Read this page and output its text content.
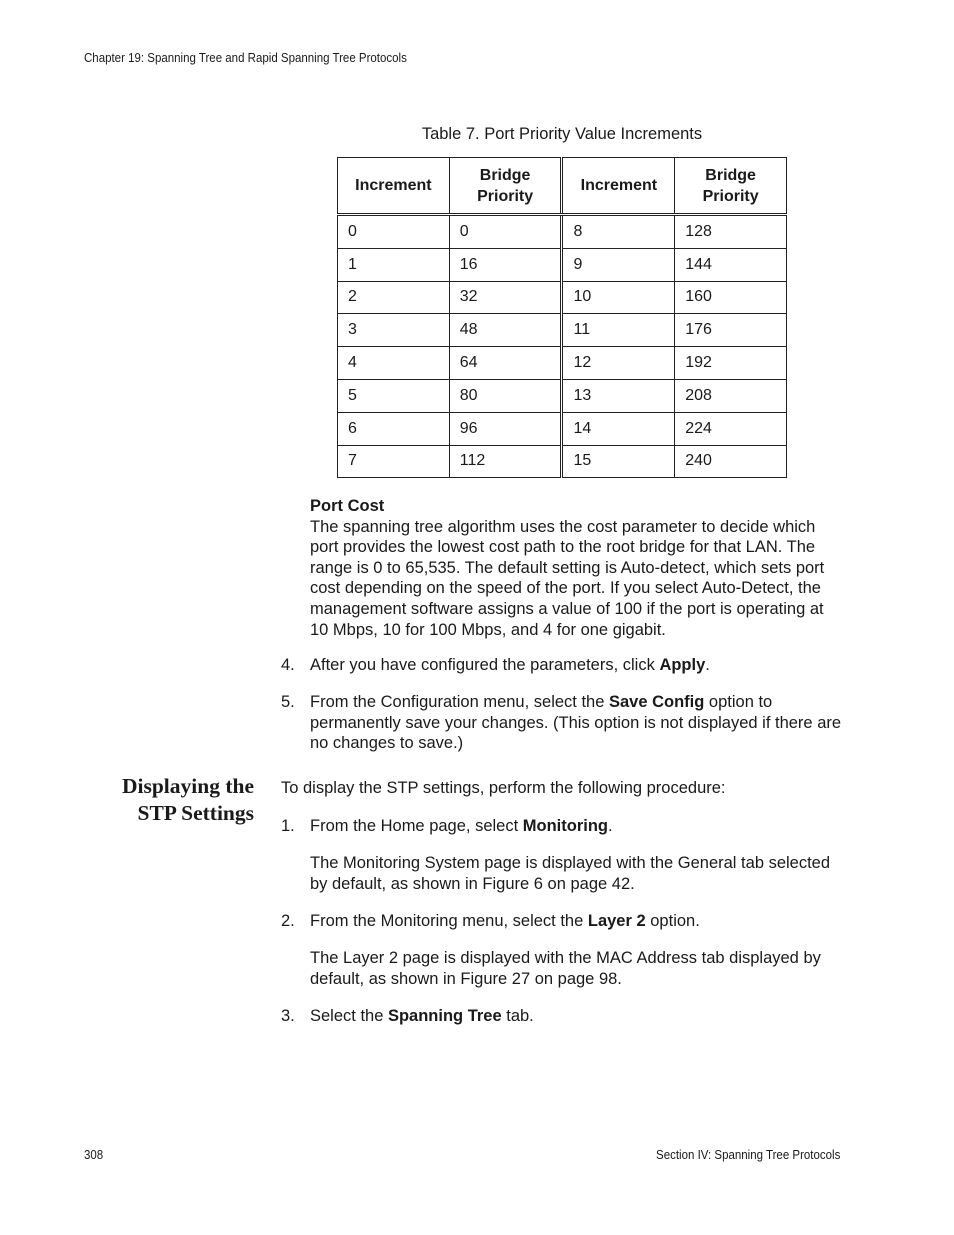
Chapter 19: Spanning Tree and Rapid Spanning Tree Protocols
Table 7. Port Priority Value Increments
Increment	Bridge Priority	Increment	Bridge Priority
0	0	8	128
1	16	9	144
2	32	10	160
3	48	11	176
4	64	12	192
5	80	13	208
6	96	14	224
7	112	15	240
Port Cost
The spanning tree algorithm uses the cost parameter to decide which port provides the lowest cost path to the root bridge for that LAN. The range is 0 to 65,535. The default setting is Auto-detect, which sets port cost depending on the speed of the port. If you select Auto-Detect, the management software assigns a value of 100 if the port is operating at 10 Mbps, 10 for 100 Mbps, and 4 for one gigabit.
4. After you have configured the parameters, click Apply.
5. From the Configuration menu, select the Save Config option to permanently save your changes. (This option is not displayed if there are no changes to save.)
Displaying the
STP Settings
To display the STP settings, perform the following procedure:
1. From the Home page, select Monitoring.
The Monitoring System page is displayed with the General tab selected by default, as shown in Figure 6 on page 42.
2. From the Monitoring menu, select the Layer 2 option.
The Layer 2 page is displayed with the MAC Address tab displayed by default, as shown in Figure 27 on page 98.
3. Select the Spanning Tree tab.
308	Section IV: Spanning Tree Protocols
